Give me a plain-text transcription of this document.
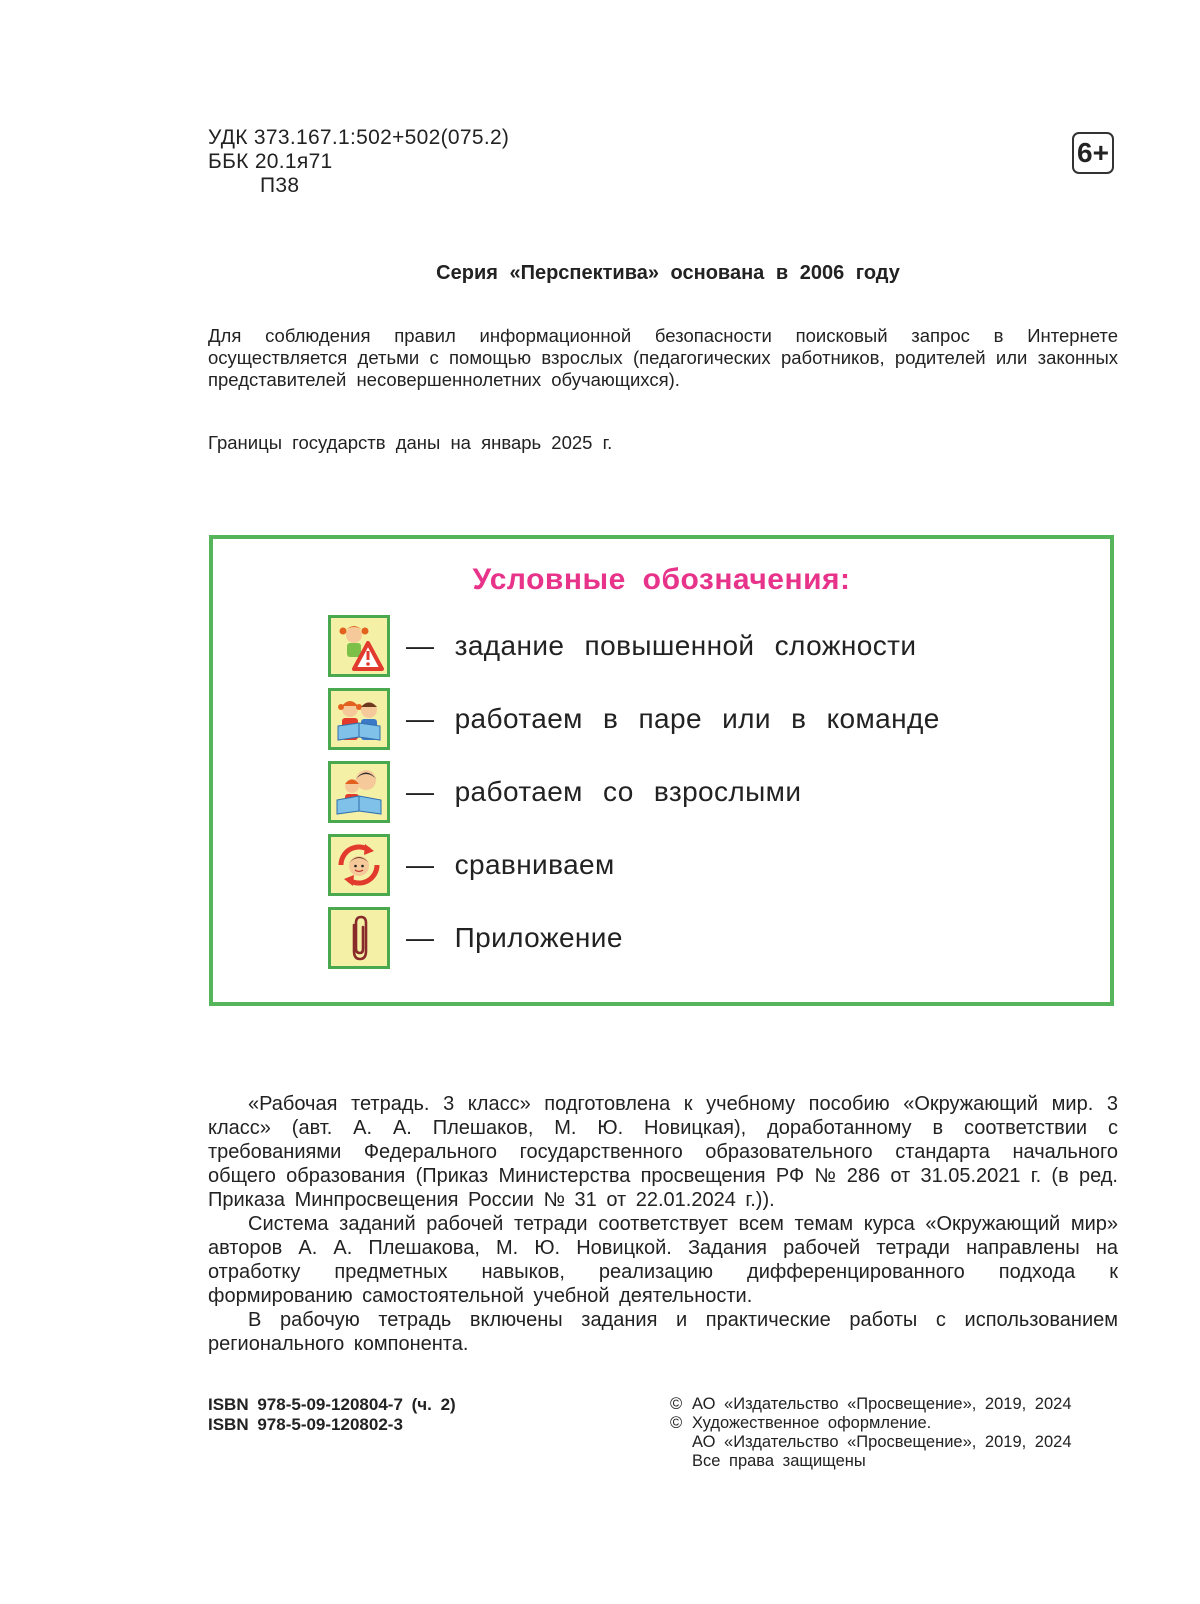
УДК 373.167.1:502+502(075.2)
ББК 20.1я71
П38
6+
Серия «Перспектива» основана в 2006 году
Для соблюдения правил информационной безопасности поисковый запрос в Интернете осуществляется детьми с помощью взрослых (педагогических работников, родителей или законных представителей несовершеннолетних обучающихся).
Границы государств даны на январь 2025 г.
Условные обозначения:
— задание повышенной сложности
— работаем в паре или в команде
— работаем со взрослыми
— сравниваем
— Приложение

«Рабочая тетрадь. 3 класс» подготовлена к учебному пособию «Окружающий мир. 3 класс» (авт. А. А. Плешаков, М. Ю. Новицкая), доработанному в соответствии с требованиями Федерального государственного образовательного стандарта начального общего образования (Приказ Министерства просвещения РФ № 286 от 31.05.2021 г. (в ред. Приказа Минпросвещения России № 31 от 22.01.2024 г.)).

Система заданий рабочей тетради соответствует всем темам курса «Окружающий мир» авторов А. А. Плешакова, М. Ю. Новицкой. Задания рабочей тетради направлены на отработку предметных навыков, реализацию дифференцированного подхода к формированию самостоятельной учебной деятельности.

В рабочую тетрадь включены задания и практические работы с использованием регионального компонента.

ISBN 978-5-09-120804-7 (ч. 2)
ISBN 978-5-09-120802-3
© АО «Издательство «Просвещение», 2019, 2024
© Художественное оформление.
АО «Издательство «Просвещение», 2019, 2024
Все права защищены
